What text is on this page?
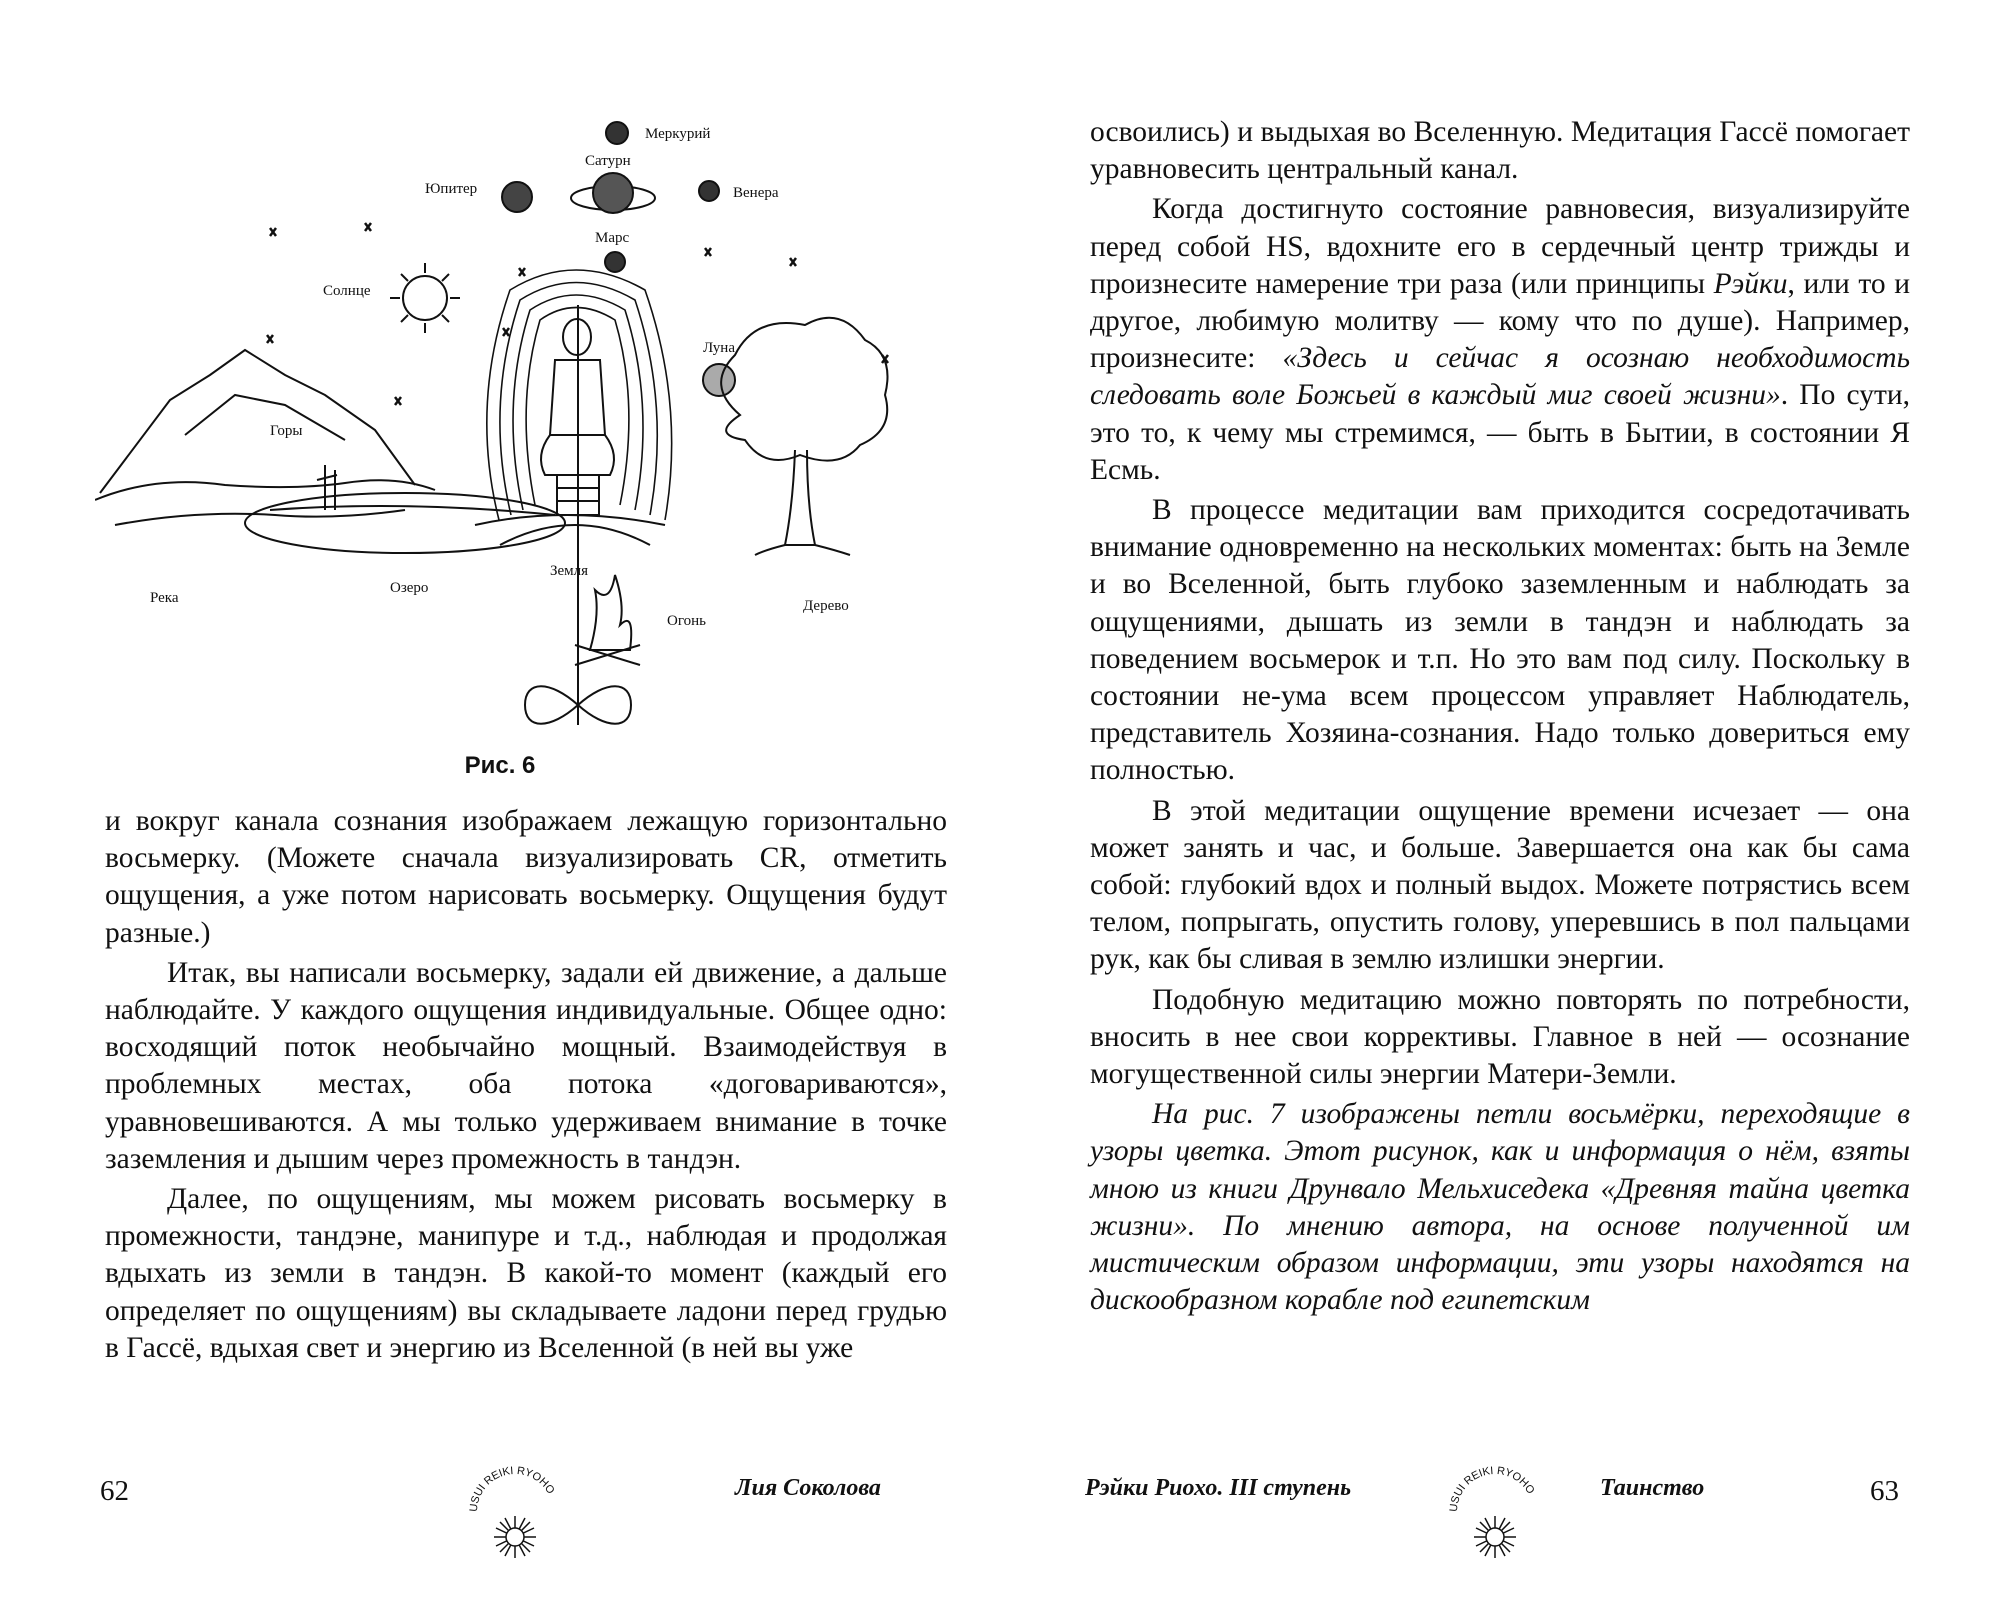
Меркурий
Сатурн
Юпитер	Венера
Марс
Солнце
Луна
Горы
Река
Озеро
Земля
Огонь
Дерево
Рис. 6

и вокруг канала сознания изображаем лежащую горизонтально восьмерку. (Можете сначала визуализировать CR, отметить ощущения, а уже потом нарисовать восьмерку. Ощущения будут разные.)

Итак, вы написали восьмерку, задали ей движение, а дальше наблюдайте. У каждого ощущения индивидуальные. Общее одно: восходящий поток необычайно мощный. Взаимодействуя в проблемных местах, оба потока «договариваются», уравновешиваются. А мы только удерживаем внимание в точке заземления и дышим через промежность в тандэн.

Далее, по ощущениям, мы можем рисовать восьмерку в промежности, тандэне, манипуре и т.д., наблюдая и продолжая вдыхать из земли в тандэн. В какой-то момент (каждый его определяет по ощущениям) вы складываете ладони перед грудью в Гассё, вдыхая свет и энергию из Вселенной (в ней вы уже

62
USUI REIKI RYOHO	Лия Соколова

освоились) и выдыхая во Вселенную. Медитация Гассё помогает уравновесить центральный канал.

Когда достигнуто состояние равновесия, визуализируйте перед собой HS, вдохните его в сердечный центр трижды и произнесите намерение три раза (или принципы Рэйки, или то и другое, любимую молитву — кому что по душе). Например, произнесите: «Здесь и сейчас я осознаю необходимость следовать воле Божьей в каждый миг своей жизни». По сути, это то, к чему мы стремимся, — быть в Бытии, в состоянии Я Есмь.

В процессе медитации вам приходится сосредотачивать внимание одновременно на нескольких моментах: быть на Земле и во Вселенной, быть глубоко заземленным и наблюдать за ощущениями, дышать из земли в тандэн и наблюдать за поведением восьмерок и т.п. Но это вам под силу. Поскольку в состоянии не-ума всем процессом управляет Наблюдатель, представитель Хозяина-сознания. Надо только довериться ему полностью.

В этой медитации ощущение времени исчезает — она может занять и час, и больше. Завершается она как бы сама собой: глубокий вдох и полный выдох. Можете потрястись всем телом, попрыгать, опустить голову, уперевшись в пол пальцами рук, как бы сливая в землю излишки энергии.

Подобную медитацию можно повторять по потребности, вносить в нее свои коррективы. Главное в ней — осознание могущественной силы энергии Матери-Земли.

На рис. 7 изображены петли восьмёрки, переходящие в узоры цветка. Этот рисунок, как и информация о нём, взяты мною из книги Друнвало Мельхиседека «Древняя тайна цветка жизни». По мнению автора, на основе полученной им мистическим образом информации, эти узоры находятся на дискообразном корабле под египетским

Рэйки Риохо. III ступень
USUI REIKI RYOHO	Таинство	63
